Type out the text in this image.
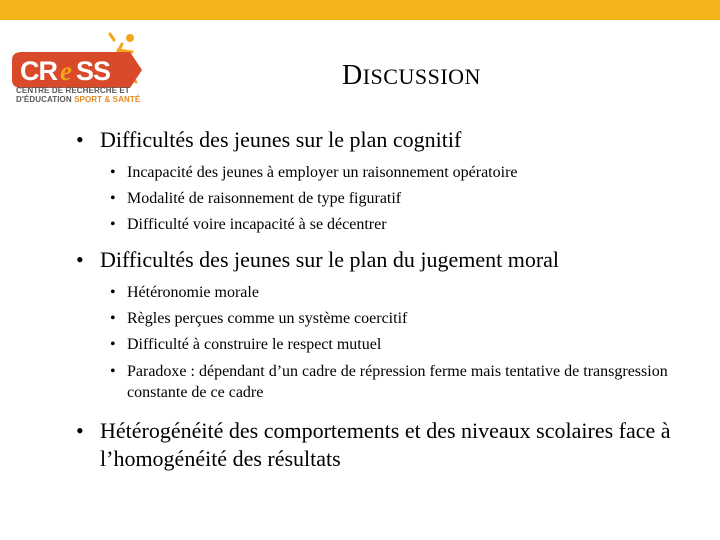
CR e SS
CENTRE DE RECHERCHE ET
D'ÉDUCATION SPORT & SANTÉ
DISCUSSION
• Difficultés des jeunes sur le plan cognitif
• Incapacité des jeunes à employer un raisonnement opératoire
• Modalité de raisonnement de type figuratif
• Difficulté voire incapacité à se décentrer
• Difficultés des jeunes sur le plan du jugement moral
• Hétéronomie morale
• Règles perçues comme un système coercitif
• Difficulté à construire le respect mutuel
• Paradoxe : dépendant d’un cadre de répression ferme mais tentative de transgression constante de ce cadre
• Hétérogénéité des comportements et des niveaux scolaires face à l’homogénéité des résultats
